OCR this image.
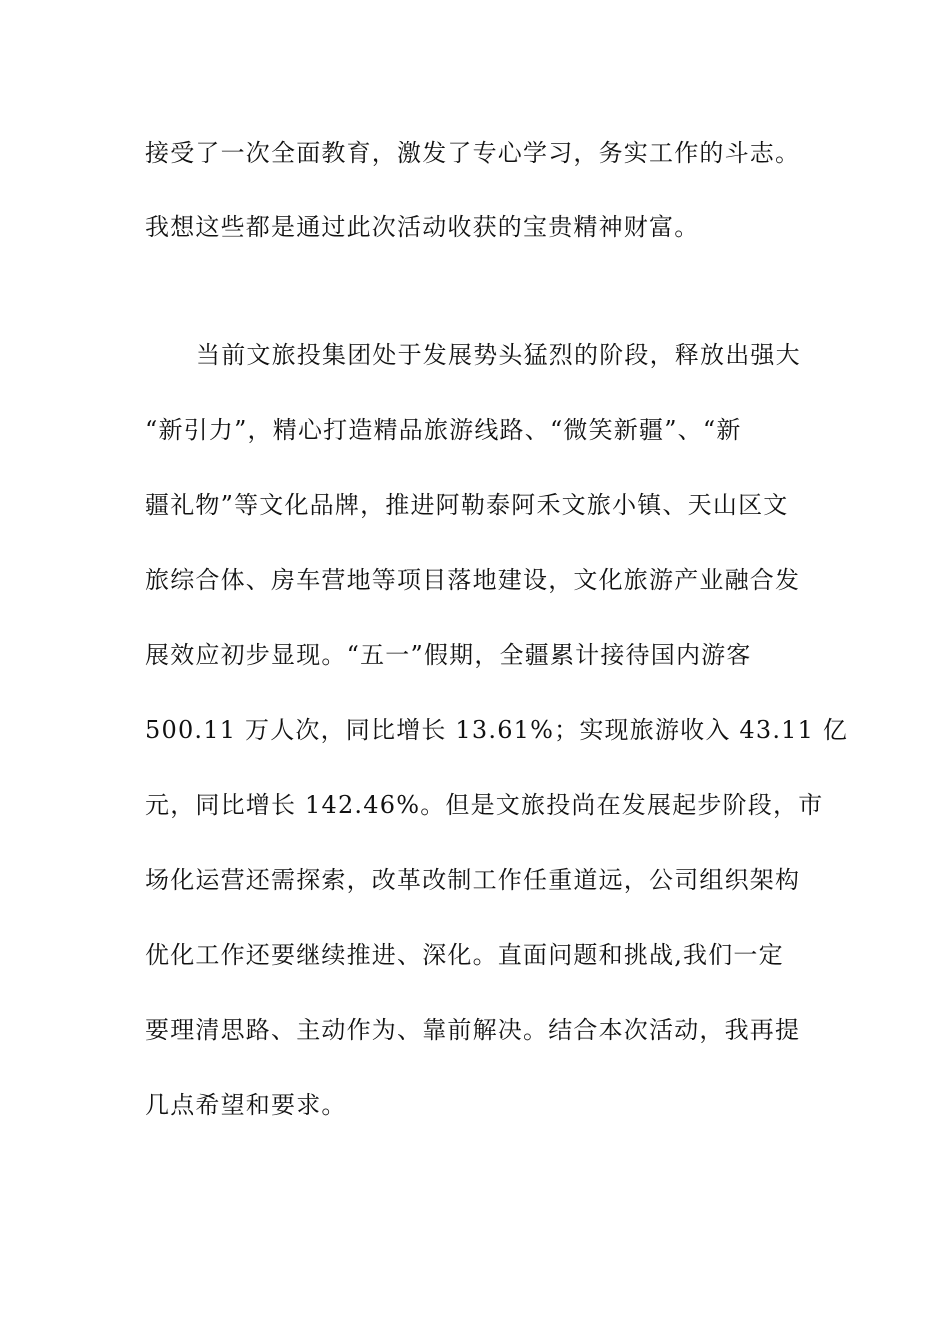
接受了一次全面教育，激发了专心学习，务实工作的斗志。
我想这些都是通过此次活动收获的宝贵精神财富。
当前文旅投集团处于发展势头猛烈的阶段，释放出强大
“新引力”，精心打造精品旅游线路、“微笑新疆”、“新
疆礼物”等文化品牌，推进阿勒泰阿禾文旅小镇、天山区文
旅综合体、房车营地等项目落地建设，文化旅游产业融合发
展效应初步显现。“五一”假期，全疆累计接待国内游客
500.11 万人次，同比增长 13.61%；实现旅游收入 43.11 亿
元，同比增长 142.46%。但是文旅投尚在发展起步阶段，市
场化运营还需探索，改革改制工作任重道远，公司组织架构
优化工作还要继续推进、深化。直面问题和挑战,我们一定
要理清思路、主动作为、靠前解决。结合本次活动，我再提
几点希望和要求。
